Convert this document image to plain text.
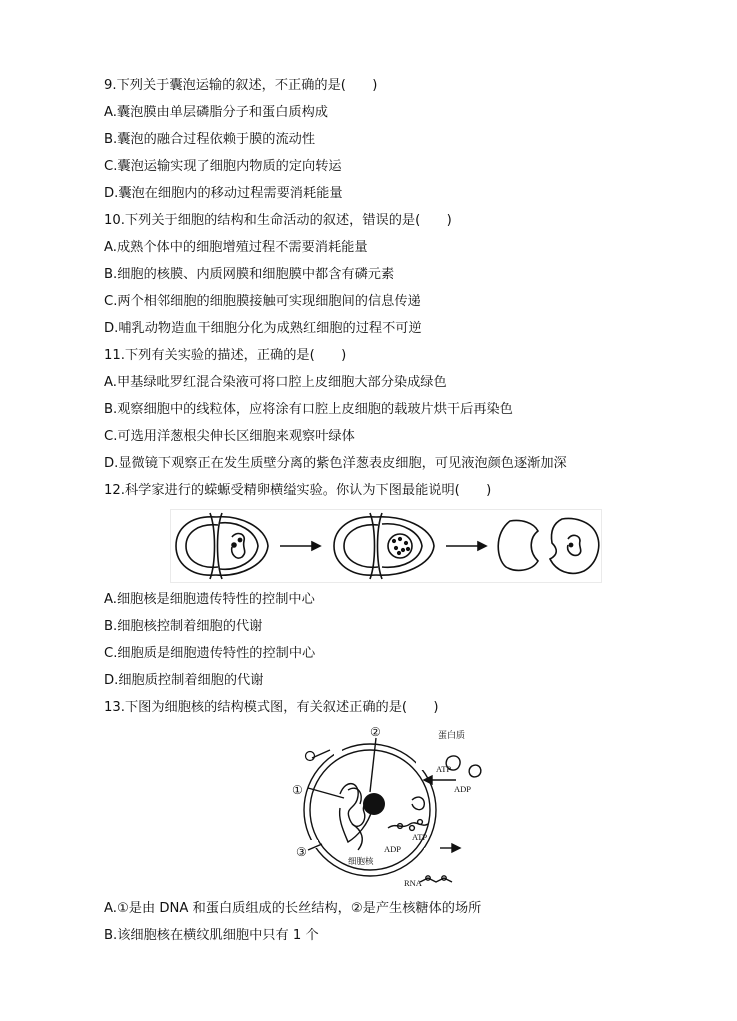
9.下列关于囊泡运输的叙述，不正确的是(　　)
A.囊泡膜由单层磷脂分子和蛋白质构成
B.囊泡的融合过程依赖于膜的流动性
C.囊泡运输实现了细胞内物质的定向转运
D.囊泡在细胞内的移动过程需要消耗能量
10.下列关于细胞的结构和生命活动的叙述，错误的是(　　)
A.成熟个体中的细胞增殖过程不需要消耗能量
B.细胞的核膜、内质网膜和细胞膜中都含有磷元素
C.两个相邻细胞的细胞膜接触可实现细胞间的信息传递
D.哺乳动物造血干细胞分化为成熟红细胞的过程不可逆
11.下列有关实验的描述，正确的是(　　)
A.甲基绿吡罗红混合染液可将口腔上皮细胞大部分染成绿色
B.观察细胞中的线粒体，应将涂有口腔上皮细胞的载玻片烘干后再染色
C.可选用洋葱根尖伸长区细胞来观察叶绿体
D.显微镜下观察正在发生质壁分离的紫色洋葱表皮细胞，可见液泡颜色逐渐加深
12.科学家进行的蝾螈受精卵横缢实验。你认为下图最能说明(　　)
A.细胞核是细胞遗传特性的控制中心
B.细胞核控制着细胞的代谢
C.细胞质是细胞遗传特性的控制中心
D.细胞质控制着细胞的代谢
13.下图为细胞核的结构模式图，有关叙述正确的是(　　)
①
②
③
蛋白质
ATP
ADP
ATP
ADP
细胞核
RNA
A.①是由 DNA 和蛋白质组成的长丝结构，②是产生核糖体的场所
B.该细胞核在横纹肌细胞中只有 1 个
